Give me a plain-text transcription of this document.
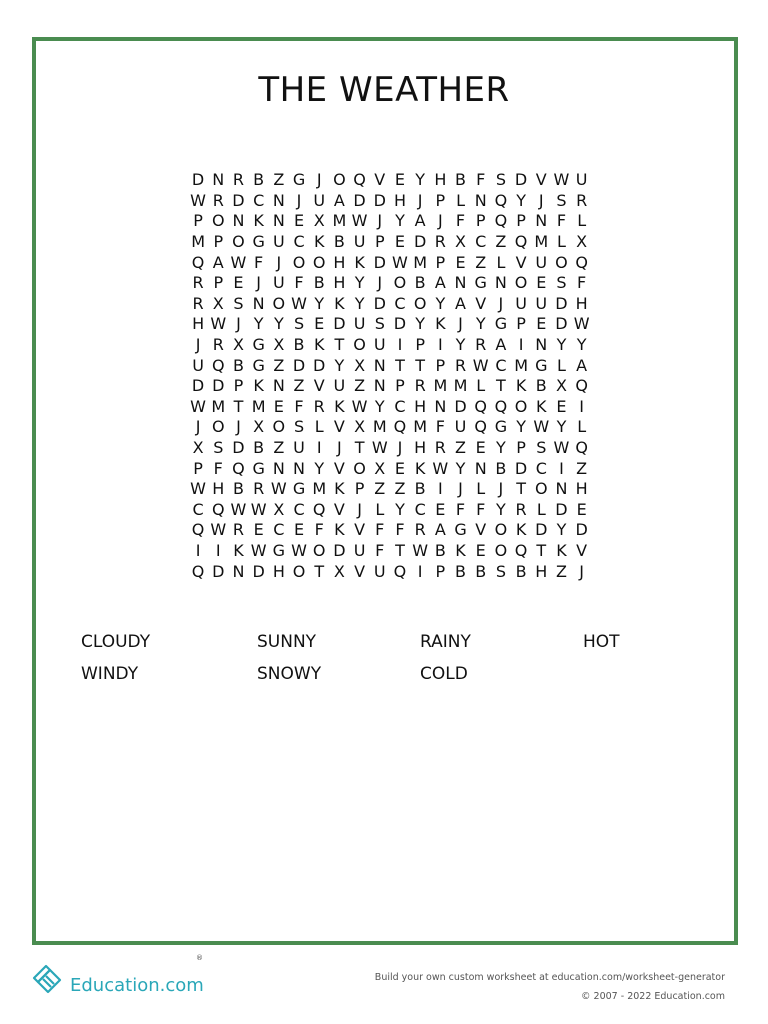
THE WEATHER
D N R B Z G J O Q V E Y H B F S D V W U
W R D C N J U A D D H J P L N Q Y J S R
P O N K N E X M W J Y A J F P Q P N F L
M P O G U C K B U P E D R X C Z Q M L X
Q A W F J O O H K D W M P E Z L V U O Q
R P E J U F B H Y J O B A N G N O E S F
R X S N O W Y K Y D C O Y A V J U U D H
H W J Y Y S E D U S D Y K J Y G P E D W
J R X G X B K T O U I P I Y R A I N Y Y
U Q B G Z D D Y X N T T P R W C M G L A
D D P K N Z V U Z N P R M M L T K B X Q
W M T M E F R K W Y C H N D Q Q O K E I
J O J X O S L V X M Q M F U Q G Y W Y L
X S D B Z U I J T W J H R Z E Y P S W Q
P F Q G N N Y V O X E K W Y N B D C I Z
W H B R W G M K P Z Z B I J L J T O N H
C Q W W X C Q V J L Y C E F F Y R L D E
Q W R E C E F K V F F R A G V O K D Y D
I I K W G W O D U F T W B K E O Q T K V
Q D N D H O T X V U Q I P B B S B H Z J
CLOUDY	SUNNY	RAINY	HOT
WINDY	SNOWY	COLD
Education.com
®
Build your own custom worksheet at education.com/worksheet-generator
© 2007 - 2022 Education.com
